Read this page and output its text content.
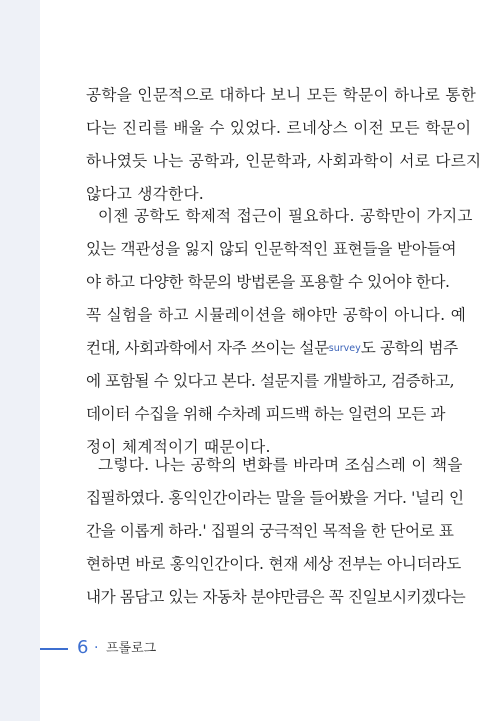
공학을 인문적으로 대하다 보니 모든 학문이 하나로 통한
다는 진리를 배울 수 있었다. 르네상스 이전 모든 학문이
하나였듯 나는 공학과, 인문학과, 사회과학이 서로 다르지
않다고 생각한다.
이젠 공학도 학제적 접근이 필요하다. 공학만이 가지고
있는 객관성을 잃지 않되 인문학적인 표현들을 받아들여
야 하고 다양한 학문의 방법론을 포용할 수 있어야 한다.
꼭 실험을 하고 시뮬레이션을 해야만 공학이 아니다. 예
컨대, 사회과학에서 자주 쓰이는 설문survey도 공학의 범주
에 포함될 수 있다고 본다. 설문지를 개발하고, 검증하고,
데이터 수집을 위해 수차례 피드백 하는 일련의 모든 과
정이 체계적이기 때문이다.
그렇다. 나는 공학의 변화를 바라며 조심스레 이 책을
집필하였다. 홍익인간이라는 말을 들어봤을 거다. '널리 인
간을 이롭게 하라.' 집필의 궁극적인 목적을 한 단어로 표
현하면 바로 홍익인간이다. 현재 세상 전부는 아니더라도
내가 몸담고 있는 자동차 분야만큼은 꼭 진일보시키겠다는
6 · 프롤로그
